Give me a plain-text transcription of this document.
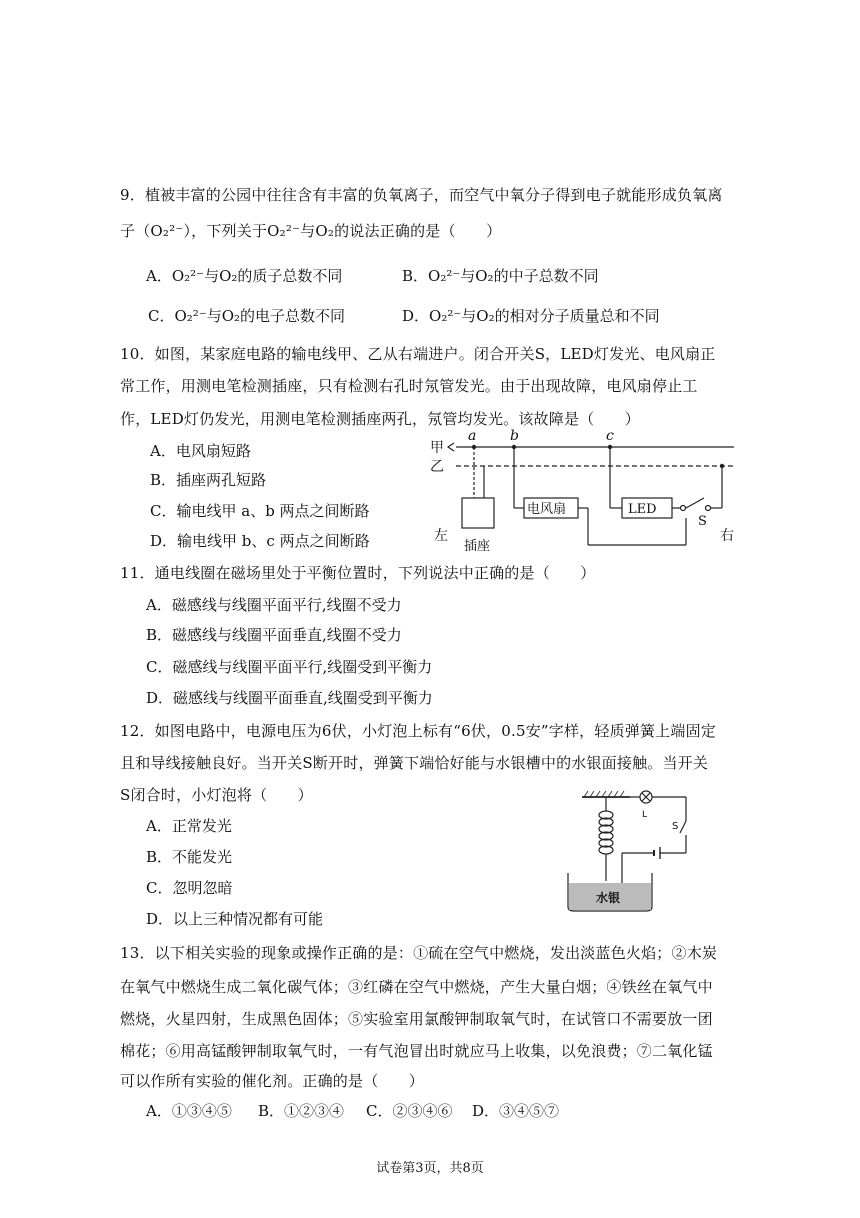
9．植被丰富的公园中往往含有丰富的负氧离子，而空气中氧分子得到电子就能形成负氧离
子（O₂²⁻），下列关于O₂²⁻与O₂的说法正确的是（　　）
A．O₂²⁻与O₂的质子总数不同	B．O₂²⁻与O₂的中子总数不同
C．O₂²⁻与O₂的电子总数不同	D．O₂²⁻与O₂的相对分子质量总和不同
10．如图，某家庭电路的输电线甲、乙从右端进户。闭合开关S，LED灯发光、电风扇正
常工作，用测电笔检测插座，只有检测右孔时氖管发光。由于出现故障，电风扇停止工
作，LED灯仍发光，用测电笔检测插座两孔，氖管均发光。该故障是（　　）
A．电风扇短路
B．插座两孔短路
C．输电线甲 a、b 两点之间断路
D．输电线甲 b、c 两点之间断路
甲
乙
a b	c
左	右
插座
电风扇	LED
S
11．通电线圈在磁场里处于平衡位置时，下列说法中正确的是（　　）
A．磁感线与线圈平面平行,线圈不受力
B．磁感线与线圈平面垂直,线圈不受力
C．磁感线与线圈平面平行,线圈受到平衡力
D．磁感线与线圈平面垂直,线圈受到平衡力
12．如图电路中，电源电压为6伏，小灯泡上标有“6伏，0.5安”字样，轻质弹簧上端固定
且和导线接触良好。当开关S断开时，弹簧下端恰好能与水银槽中的水银面接触。当开关
S闭合时，小灯泡将（　　）
A．正常发光
B．不能发光
C．忽明忽暗
D．以上三种情况都有可能
L
S
水银
13．以下相关实验的现象或操作正确的是：①硫在空气中燃烧，发出淡蓝色火焰；②木炭
在氧气中燃烧生成二氧化碳气体；③红磷在空气中燃烧，产生大量白烟；④铁丝在氧气中
燃烧，火星四射，生成黑色固体；⑤实验室用氯酸钾制取氧气时，在试管口不需要放一团
棉花；⑥用高锰酸钾制取氧气时，一有气泡冒出时就应马上收集，以免浪费；⑦二氧化锰
可以作所有实验的催化剂。正确的是（　　）
A．①③④⑤ B．①②③④ C．②③④⑥ D．③④⑤⑦
试卷第3页，共8页
